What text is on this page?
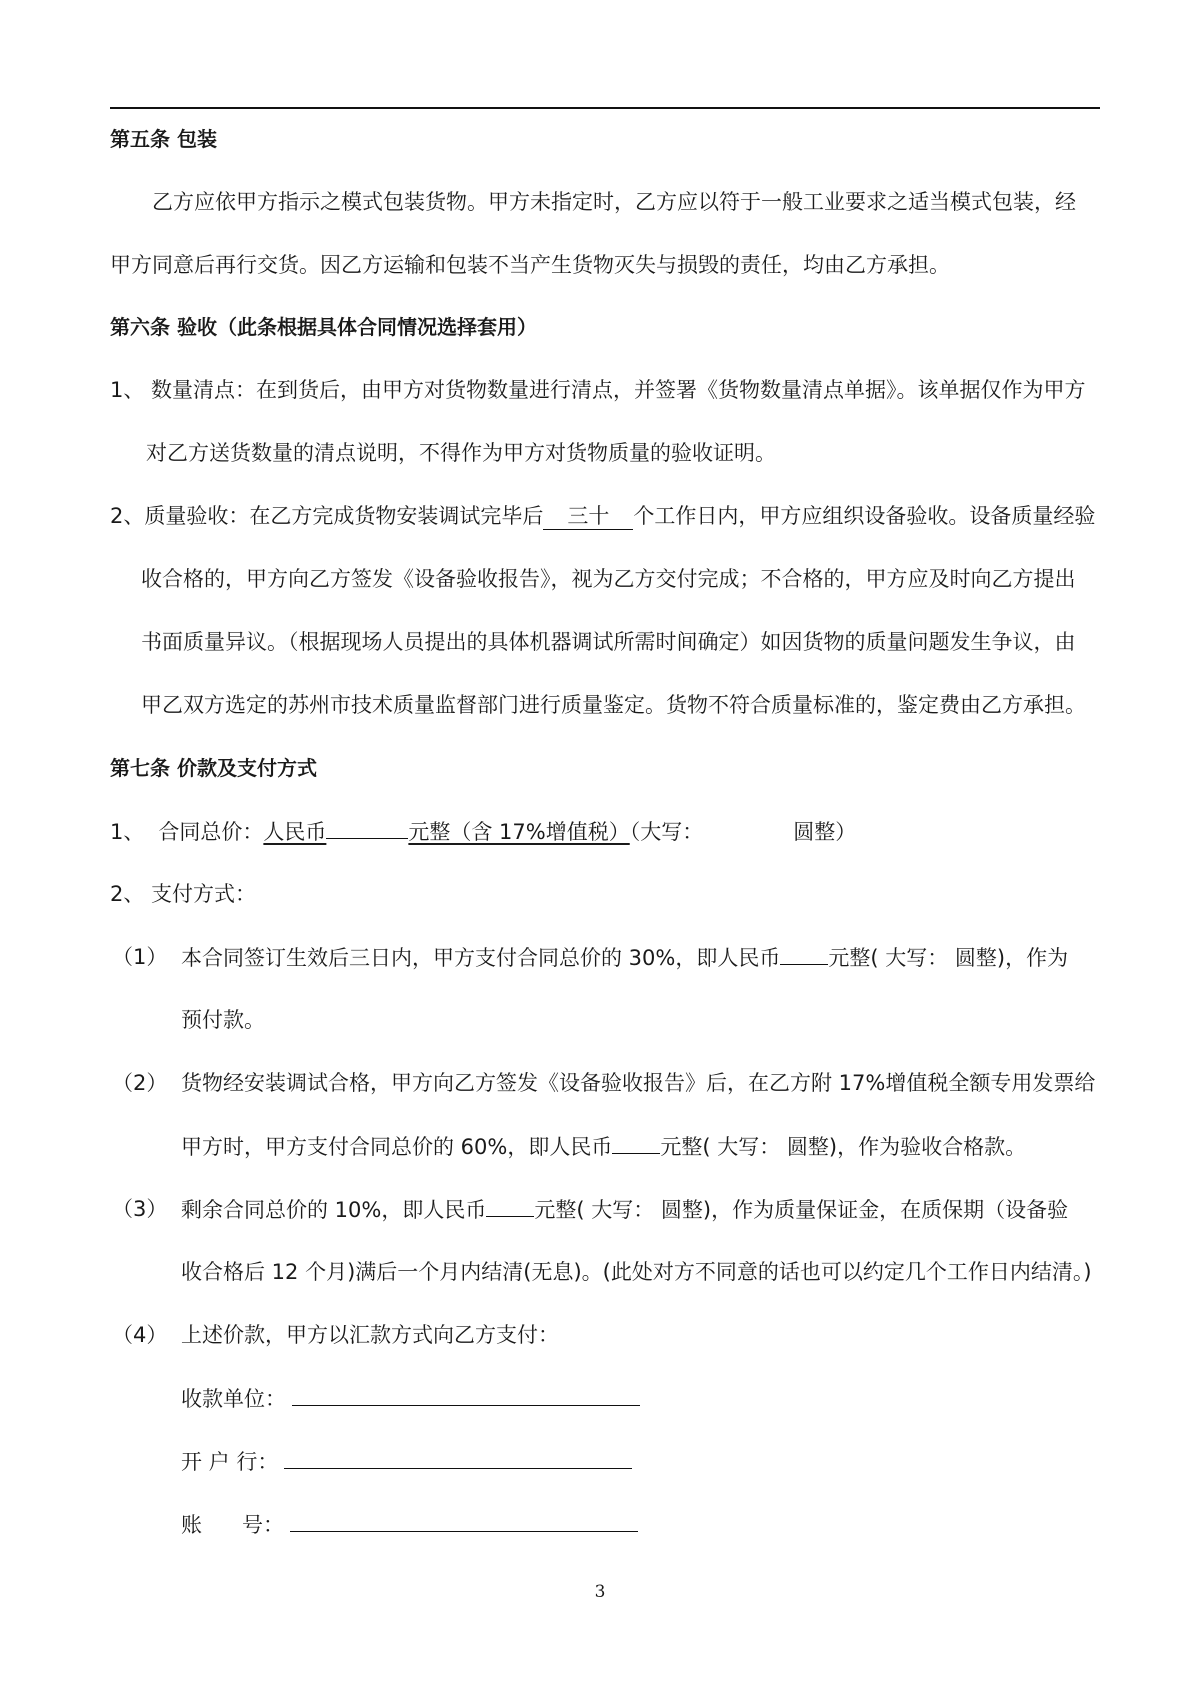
第五条 包装
乙方应依甲方指示之模式包装货物。甲方未指定时，乙方应以符于一般工业要求之适当模式包装，经
甲方同意后再行交货。因乙方运输和包装不当产生货物灭失与损毁的责任，均由乙方承担。
第六条 验收（此条根据具体合同情况选择套用）
1、 数量清点：在到货后，由甲方对货物数量进行清点，并签署《货物数量清点单据》。该单据仅作为甲方
对乙方送货数量的清点说明，不得作为甲方对货物质量的验收证明。
2、质量验收：在乙方完成货物安装调试完毕后 三十 个工作日内，甲方应组织设备验收。设备质量经验
收合格的，甲方向乙方签发《设备验收报告》，视为乙方交付完成；不合格的，甲方应及时向乙方提出
书面质量异议。（根据现场人员提出的具体机器调试所需时间确定）如因货物的质量问题发生争议，由
甲乙双方选定的苏州市技术质量监督部门进行质量鉴定。货物不符合质量标准的，鉴定费由乙方承担。
第七条 价款及支付方式
1、 合同总价：人民币	元整（含 17%增值税）（大写：	圆整）
2、 支付方式：
（1） 本合同签订生效后三日内，甲方支付合同总价的 30%，即人民币 元整( 大写： 圆整)，作为
预付款。
（2） 货物经安装调试合格，甲方向乙方签发《设备验收报告》后，在乙方附 17%增值税全额专用发票给
甲方时，甲方支付合同总价的 60%，即人民币 元整( 大写： 圆整)，作为验收合格款。
（3） 剩余合同总价的 10%，即人民币 元整( 大写： 圆整)，作为质量保证金，在质保期（设备验
收合格后 12 个月)满后一个月内结清(无息)。(此处对方不同意的话也可以约定几个工作日内结清。)
（4） 上述价款，甲方以汇款方式向乙方支付：
收款单位：
开 户 行：
账      号：
3
